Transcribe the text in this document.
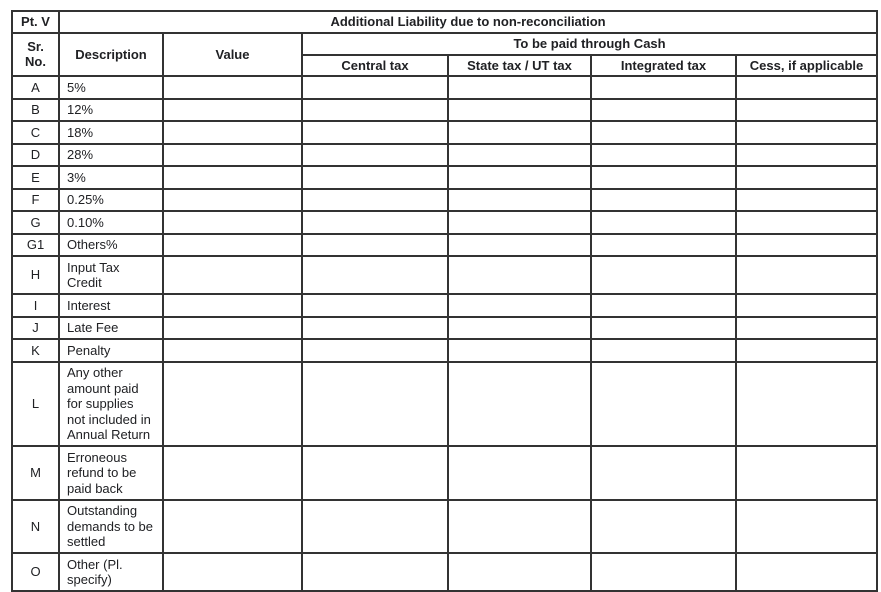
Pt. V	Additional Liability due to non-reconciliation					
Sr. No.	Description	Value	To be paid through Cash			
			Central tax	State tax / UT tax	Integrated tax	Cess, if applicable
A	5%					
B	12%					
C	18%					
D	28%					
E	3%					
F	0.25%					
G	0.10%					
G1	Others%					
H	Input Tax Credit					
I	Interest					
J	Late Fee					
K	Penalty					
L	Any other amount paid for supplies not included in Annual Return					
M	Erroneous refund to be paid back					
N	Outstanding demands to be settled					
O	Other (Pl. specify)					
